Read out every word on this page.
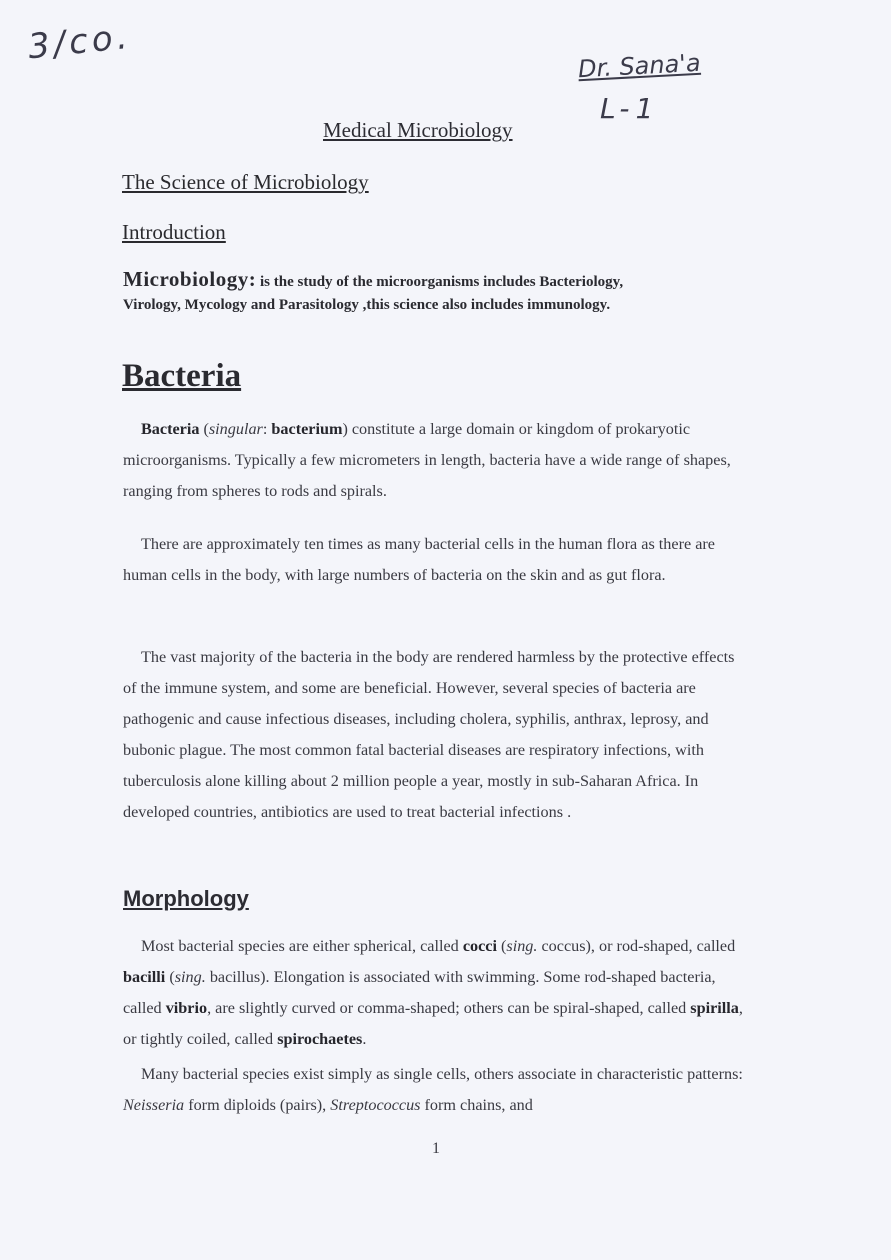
3/co.	Dr. Sana'a
L-1
Medical Microbiology
The Science of Microbiology
Introduction
Microbiology: is the study of the microorganisms includes Bacteriology, Virology, Mycology and Parasitology ,this science also includes immunology.
Bacteria

Bacteria (singular: bacterium) constitute a large domain or kingdom of prokaryotic microorganisms. Typically a few micrometers in length, bacteria have a wide range of shapes, ranging from spheres to rods and spirals.

There are approximately ten times as many bacterial cells in the human flora as there are human cells in the body, with large numbers of bacteria on the skin and as gut flora.

The vast majority of the bacteria in the body are rendered harmless by the protective effects of the immune system, and some are beneficial. However, several species of bacteria are pathogenic and cause infectious diseases, including cholera, syphilis, anthrax, leprosy, and bubonic plague. The most common fatal bacterial diseases are respiratory infections, with tuberculosis alone killing about 2 million people a year, mostly in sub-Saharan Africa. In developed countries, antibiotics are used to treat bacterial infections .

Morphology

Most bacterial species are either spherical, called cocci (sing. coccus), or rod-shaped, called bacilli (sing. bacillus). Elongation is associated with swimming. Some rod-shaped bacteria, called vibrio, are slightly curved or comma-shaped; others can be spiral-shaped, called spirilla, or tightly coiled, called spirochaetes.

Many bacterial species exist simply as single cells, others associate in characteristic patterns: Neisseria form diploids (pairs), Streptococcus form chains, and

1
